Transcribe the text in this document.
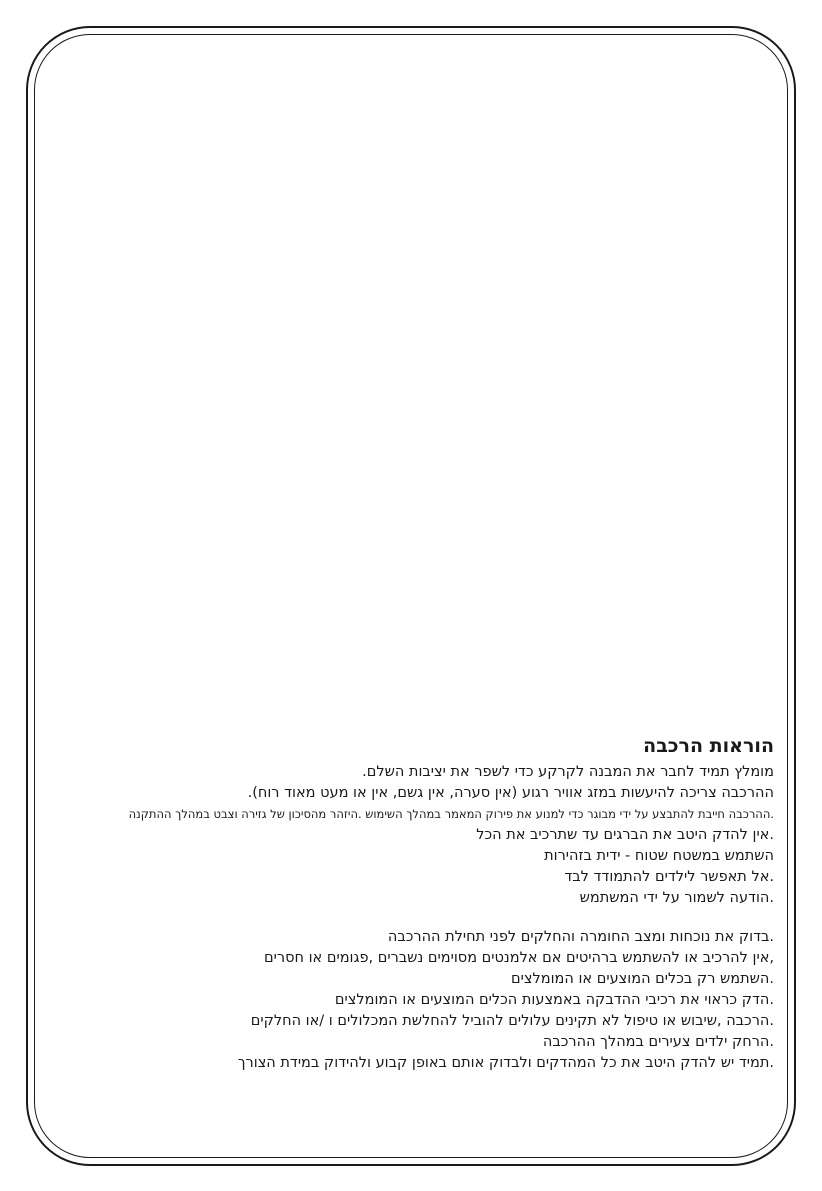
הוראות הרכבה
מומלץ תמיד לחבר את המבנה לקרקע כדי לשפר את יציבות השלם.
ההרכבה צריכה להיעשות במזג אוויר רגוע (אין סערה, אין גשם, אין או מעט מאוד רוח).
.ההרכבה חייבת להתבצע על ידי מבוגר כדי למנוע את פירוק המאמר במהלך השימוש .היזהר מהסיכון של גזירה וצבט במהלך ההתקנה
.אין להדק היטב את הברגים עד שתרכיב את הכל
השתמש במשטח שטוח - ידית בזהירות
.אל תאפשר לילדים להתמודד לבד
.הודעה לשמור על ידי המשתמש
.בדוק את נוכחות ומצב החומרה והחלקים לפני תחילת ההרכבה
,אין להרכיב או להשתמש ברהיטים אם אלמנטים מסוימים נשברים ,פגומים או חסרים
.השתמש רק בכלים המוצעים או המומלצים
.הדק כראוי את רכיבי ההדבקה באמצעות הכלים המוצעים או המומלצים
.הרכבה ,שיבוש או טיפול לא תקינים עלולים להוביל להחלשת המכלולים ו /או החלקים
.הרחק ילדים צעירים במהלך ההרכבה
.תמיד יש להדק היטב את כל המהדקים ולבדוק אותם באופן קבוע ולהידוק במידת הצורך
